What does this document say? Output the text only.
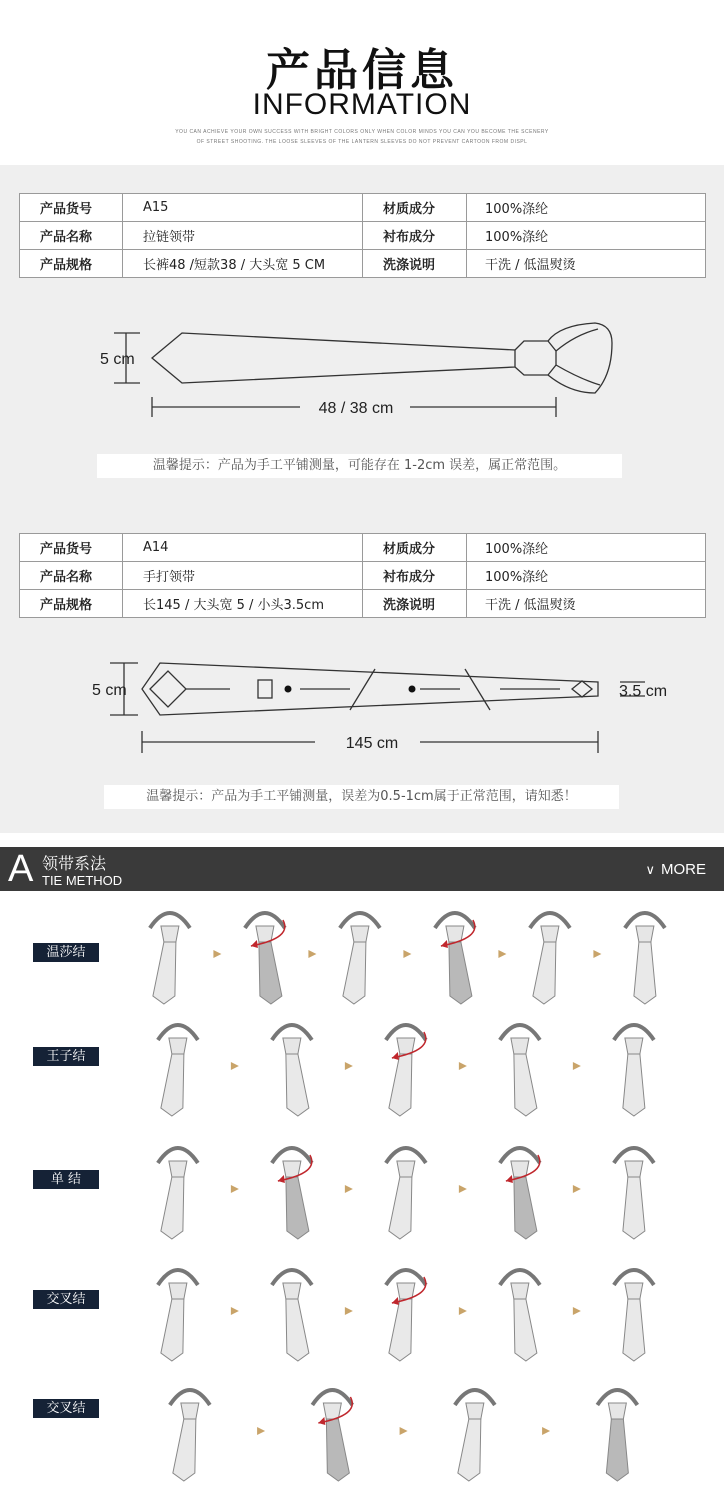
产品信息
INFORMATION
YOU CAN ACHIEVE YOUR OWN SUCCESS WITH BRIGHT COLORS ONLY WHEN COLOR MINDS YOU CAN YOU BECOME THE SCENERY
OF STREET SHOOTING. THE LOOSE SLEEVES OF THE LANTERN SLEEVES DO NOT PREVENT CARTOON FROM DISPL
产品货号	A15	材质成分	100%涤纶
产品名称	拉链领带	衬布成分	100%涤纶
产品规格	长裤48 /短款38 / 大头宽 5 CM	洗涤说明	干洗 / 低温熨烫
5 cm
48 / 38 cm
温馨提示：产品为手工平铺测量，可能存在 1-2cm 误差，属正常范围。
产品货号	A14	材质成分	100%涤纶
产品名称	手打领带	衬布成分	100%涤纶
产品规格	长145 / 大头宽 5 / 小头3.5cm	洗涤说明	干洗 / 低温熨烫
5 cm	3.5 cm
145 cm
温馨提示：产品为手工平铺测量，误差为0.5-1cm属于正常范围，请知悉！
A 领带系法
TIE METHOD
∨ MORE
温莎结
王子结
单 结
交叉结
交叉结
